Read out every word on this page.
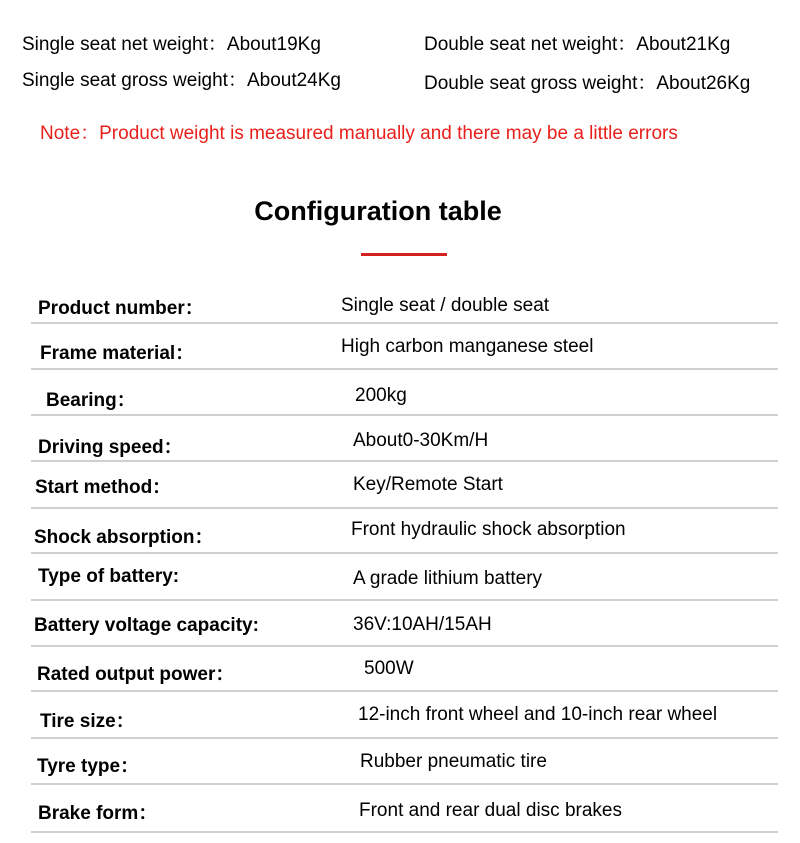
Single seat net weight：About19Kg
Single seat gross weight：About24Kg
Double seat net weight：About21Kg
Double seat gross weight：About26Kg
Note：Product weight is measured manually and there may be a little errors
Configuration table
Product number：	Single seat / double seat
Frame material：	High carbon manganese steel
Bearing：	200kg
Driving speed：	About0-30Km/H
Start method：	Key/Remote Start
Shock absorption：	Front hydraulic shock absorption
Type of battery:	A grade lithium battery
Battery voltage capacity:	36V:10AH/15AH
Rated output power：	500W
Tire size：	12-inch front wheel and 10-inch rear wheel
Tyre type：	Rubber pneumatic tire
Brake form：	Front and rear dual disc brakes
